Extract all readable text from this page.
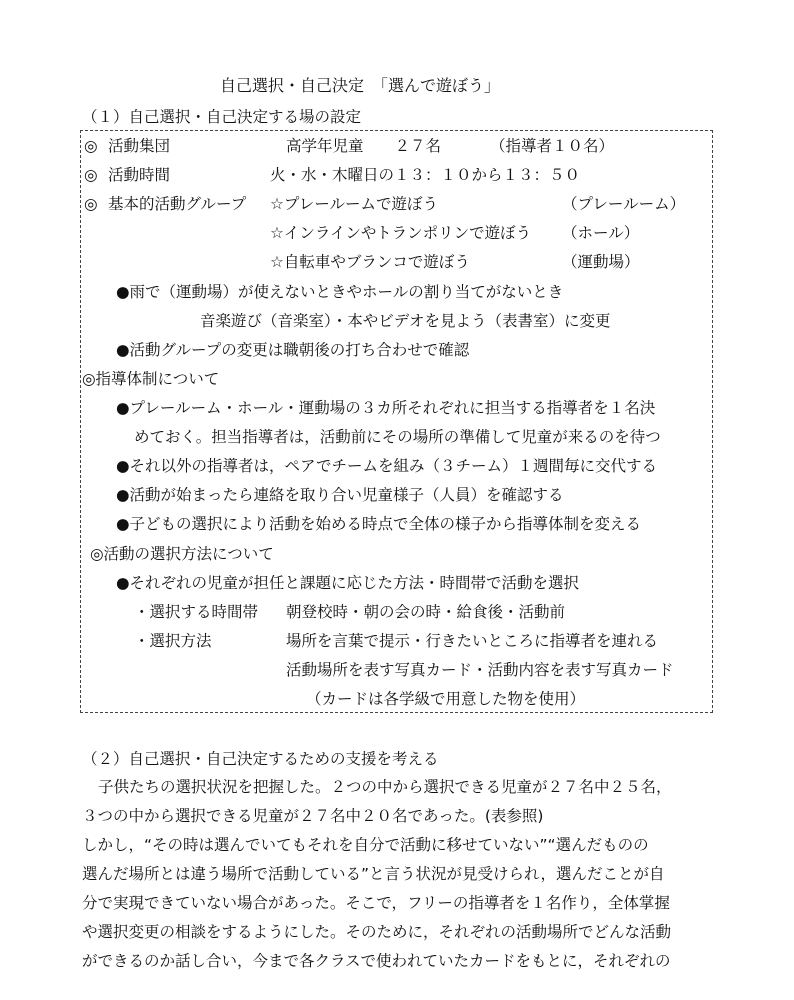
自己選択・自己決定　「選んで遊ぼう」
（１）自己選択・自己決定する場の設定
◎ 活動集団	高学年児童　　２７名	（指導者１０名）
◎ 活動時間	火・水・木曜日の１３：１０から１３：５０
◎ 基本的活動グループ ☆プレールームで遊ぼう	（プレールーム）
☆インラインやトランポリンで遊ぼう （ホール）
☆自転車やブランコで遊ぼう	（運動場）
●雨で（運動場）が使えないときやホールの割り当てがないとき
音楽遊び（音楽室）・本やビデオを見よう（表書室）に変更
●活動グループの変更は職朝後の打ち合わせで確認
◎指導体制について
●プレールーム・ホール・運動場の３カ所それぞれに担当する指導者を１名決
めておく。担当指導者は，活動前にその場所の準備して児童が来るのを待つ
●それ以外の指導者は，ペアでチームを組み（３チーム）１週間毎に交代する
●活動が始まったら連絡を取り合い児童様子（人員）を確認する
●子どもの選択により活動を始める時点で全体の様子から指導体制を変える
◎活動の選択方法について
●それぞれの児童が担任と課題に応じた方法・時間帯で活動を選択
・選択する時間帯 朝登校時・朝の会の時・給食後・活動前
・選択方法	場所を言葉で提示・行きたいところに指導者を連れる
活動場所を表す写真カード・活動内容を表す写真カード
（カードは各学級で用意した物を使用）
（２）自己選択・自己決定するための支援を考える
子供たちの選択状況を把握した。２つの中から選択できる児童が２７名中２５名，
３つの中から選択できる児童が２７名中２０名であった。(表参照)
しかし，“その時は選んでいてもそれを自分で活動に移せていない”“選んだものの
選んだ場所とは違う場所で活動している”と言う状況が見受けられ，選んだことが自
分で実現できていない場合があった。そこで，フリーの指導者を１名作り，全体掌握
や選択変更の相談をするようにした。そのために，それぞれの活動場所でどんな活動
ができるのか話し合い，今まで各クラスで使われていたカードをもとに，それぞれの
